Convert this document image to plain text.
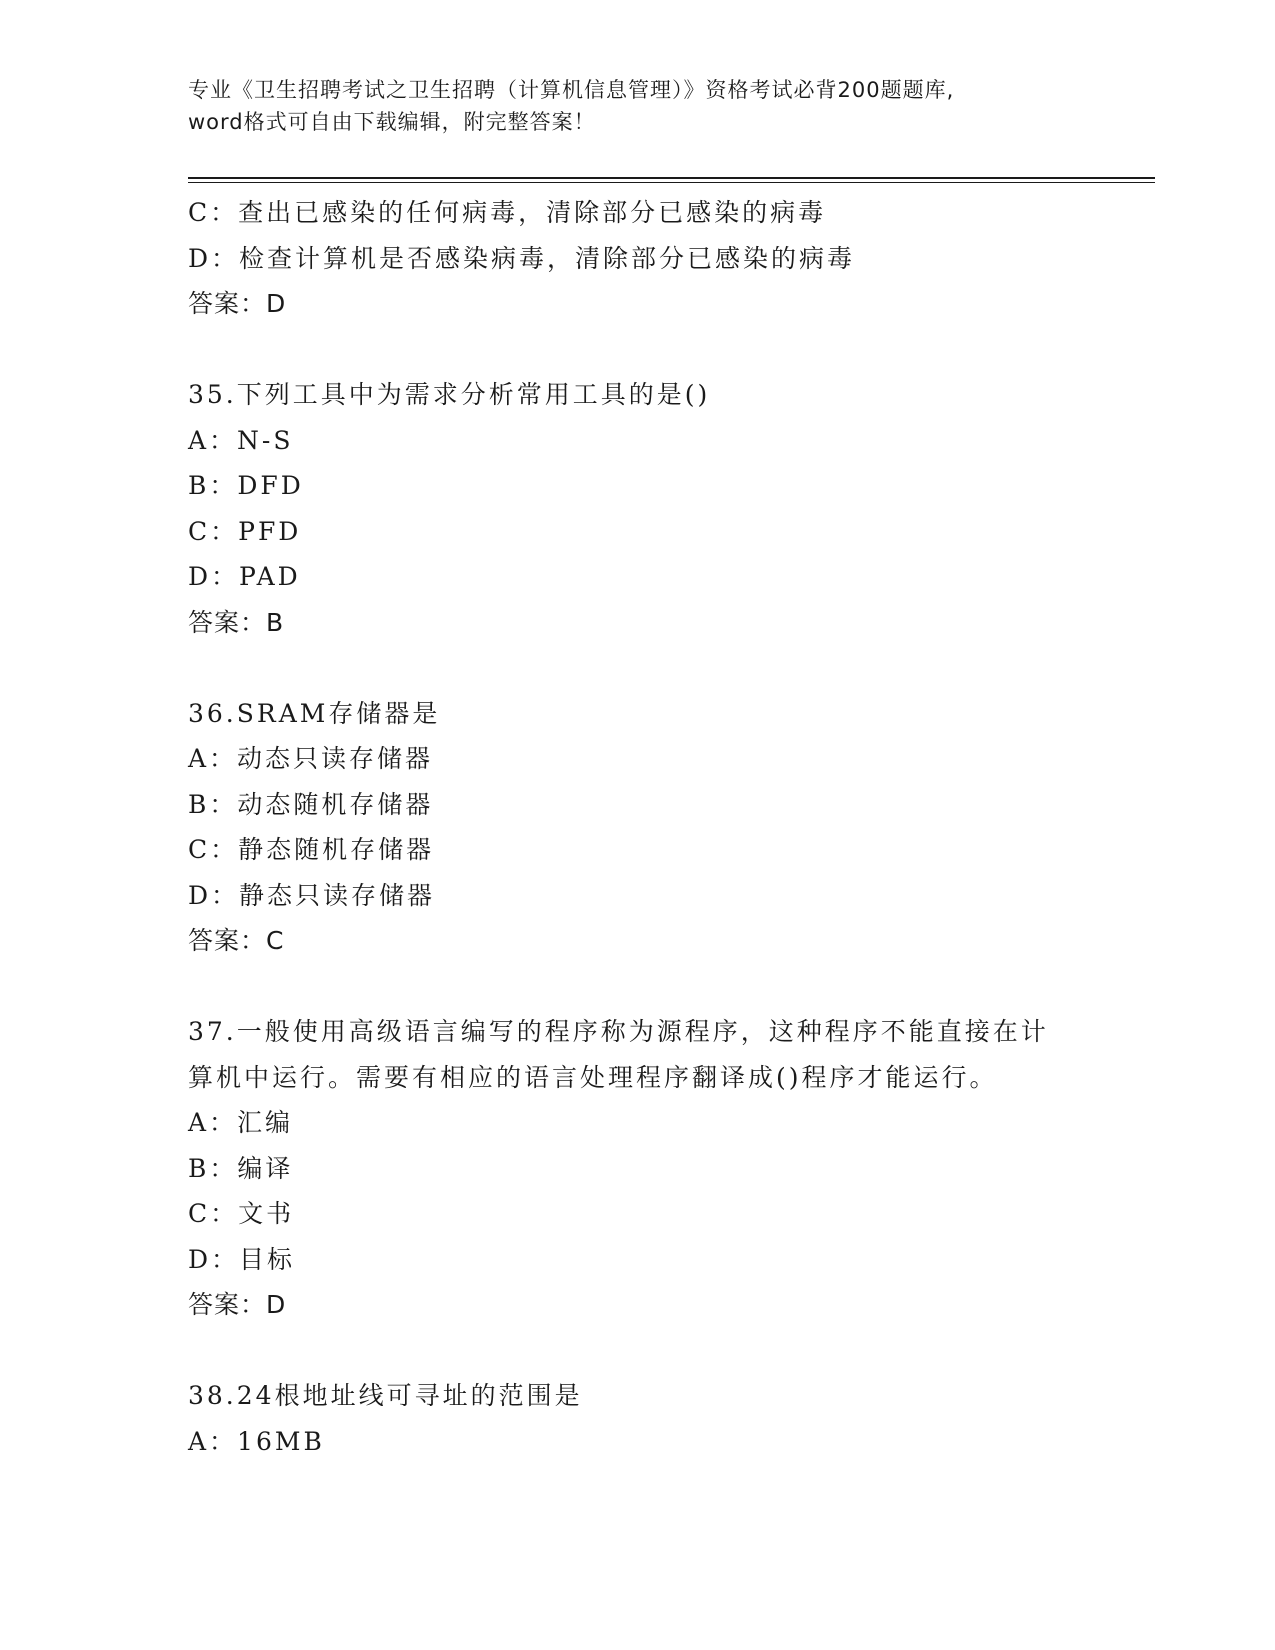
专业《卫生招聘考试之卫生招聘（计算机信息管理）》资格考试必背200题题库,
word格式可自由下载编辑，附完整答案！
C：查出已感染的任何病毒，清除部分已感染的病毒
D：检查计算机是否感染病毒，清除部分已感染的病毒
答案：D
35.下列工具中为需求分析常用工具的是()
A：N-S
B：DFD
C：PFD
D：PAD
答案：B
36.SRAM存储器是
A：动态只读存储器
B：动态随机存储器
C：静态随机存储器
D：静态只读存储器
答案：C
37.一般使用高级语言编写的程序称为源程序，这种程序不能直接在计
算机中运行。需要有相应的语言处理程序翻译成()程序才能运行。
A：汇编
B：编译
C：文书
D：目标
答案：D
38.24根地址线可寻址的范围是
A：16MB
